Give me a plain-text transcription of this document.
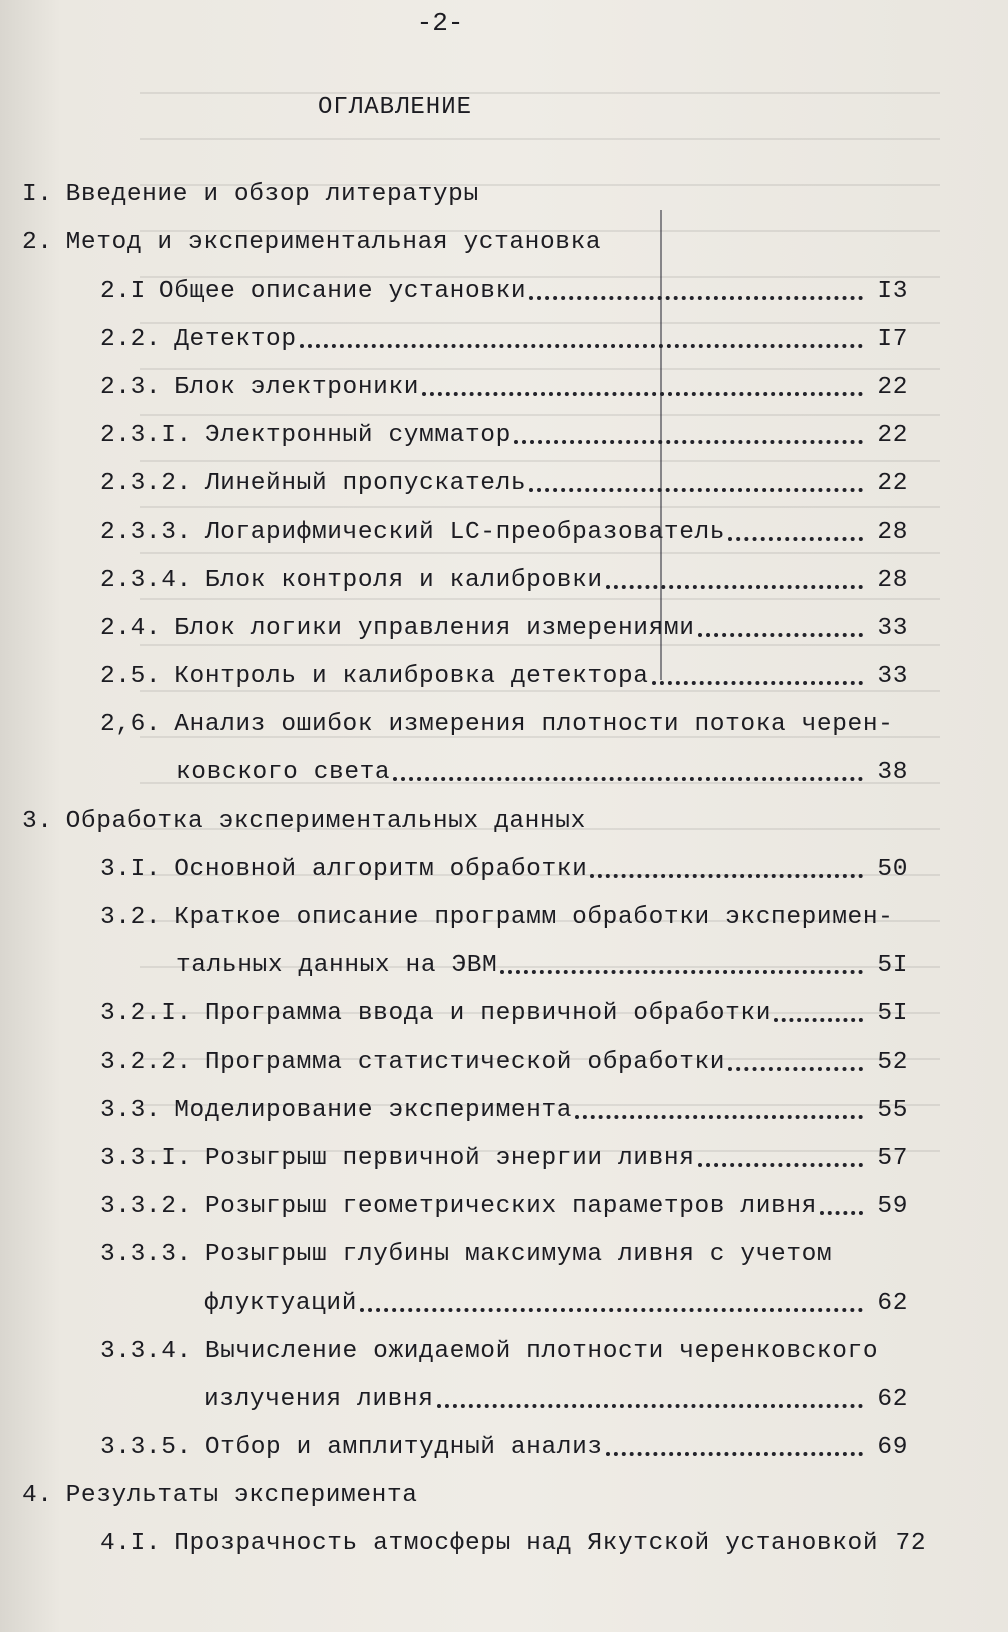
-2-
ОГЛАВЛЕНИЕ
I. Введение и обзор литературы
2. Метод и экспериментальная установка
2.I Общее описание установки	I3
2.2. Детектор	I7
2.3. Блок электроники	22
2.3.I. Электронный сумматор	22
2.3.2. Линейный пропускатель	22
2.3.3. Логарифмический LC-преобразователь	28
2.3.4. Блок контроля и калибровки	28
2.4. Блок логики управления измерениями	33
2.5. Контроль и калибровка детектора	33
2,6. Анализ ошибок измерения плотности потока черен-
ковского света	38
3. Обработка экспериментальных данных
3.I. Основной алгоритм обработки	50
3.2. Краткое описание программ обработки эксперимен-
тальных данных на ЭВМ	5I
3.2.I. Программа ввода и первичной обработки	5I
3.2.2. Программа статистической обработки	52
3.3. Моделирование эксперимента	55
3.3.I. Розыгрыш первичной энергии ливня	57
3.3.2. Розыгрыш геометрических параметров ливня	59
3.3.3. Розыгрыш глубины максимума ливня с учетом
флуктуаций	62
3.3.4. Вычисление ожидаемой плотности черенковского
излучения ливня	62
3.3.5. Отбор и амплитудный анализ	69
4. Результаты эксперимента
4.I. Прозрачность атмосферы над Якутской установкой 72
